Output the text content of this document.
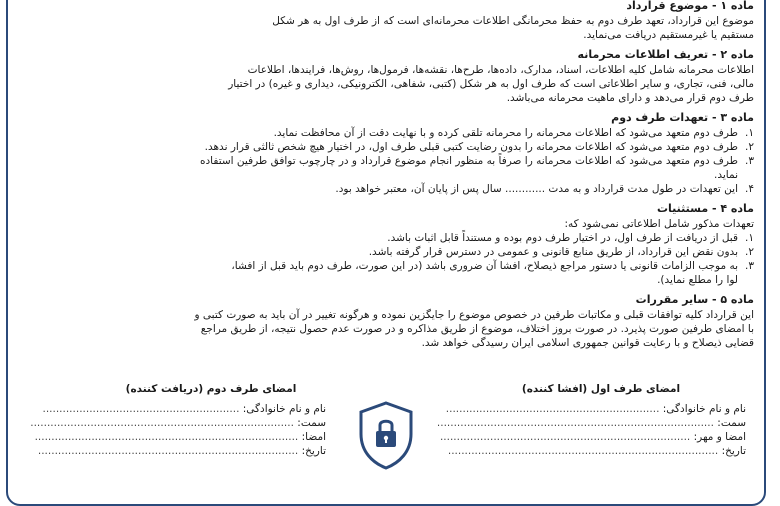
ماده ۱ - موضوع قرارداد
موضوع این قرارداد، تعهد طرف دوم به حفظ محرمانگی اطلاعات محرمانه‌ای است که از طرف اول به هر شکل
مستقیم یا غیرمستقیم دریافت می‌نماید.
ماده ۲ - تعریف اطلاعات محرمانه
اطلاعات محرمانه شامل کلیه اطلاعات، اسناد، مدارک، داده‌ها، طرح‌ها، نقشه‌ها، فرمول‌ها، روش‌ها، فرایندها، اطلاعات
مالی، فنی، تجاری، و سایر اطلاعاتی است که طرف اول به هر شکل (کتبی، شفاهی، الکترونیکی، دیداری و غیره) در اختیار
طرف دوم قرار می‌دهد و دارای ماهیت محرمانه می‌باشد.
ماده ۳ - تعهدات طرف دوم
۱.
طرف دوم متعهد می‌شود که اطلاعات محرمانه را محرمانه تلقی کرده و با نهایت دقت از آن محافظت نماید.
۲.
طرف دوم متعهد می‌شود که اطلاعات محرمانه را بدون رضایت کتبی قبلی طرف اول، در اختیار هیچ شخص ثالثی قرار ندهد.
۳.
طرف دوم متعهد می‌شود که اطلاعات محرمانه را صرفاً به منظور انجام موضوع قرارداد و در چارچوب توافق طرفین استفاده
نماید.
۴.
این تعهدات در طول مدت قرارداد و به مدت ............ سال پس از پایان آن، معتبر خواهد بود.
ماده ۴ - مستثنیات
تعهدات مذکور شامل اطلاعاتی نمی‌شود که:
۱.
قبل از دریافت از طرف اول، در اختیار طرف دوم بوده و مستنداً قابل اثبات باشد.
۲.
بدون نقض این قرارداد، از طریق منابع قانونی و عمومی در دسترس قرار گرفته باشد.
۳.
به موجب الزامات قانونی یا دستور مراجع ذیصلاح، افشا آن ضروری باشد (در این صورت، طرف دوم باید قبل از افشا،
لوا را مطلع نماید).
ماده ۵ - سایر مقررات
این قرارداد کلیه توافقات قبلی و مکاتبات طرفین در خصوص موضوع را جایگزین نموده و هرگونه تغییر در آن باید به صورت کتبی و
با امضای طرفین صورت پذیرد. در صورت بروز اختلاف، موضوع از طریق مذاکره و در صورت عدم حصول نتیجه، از طریق مراجع
قضایی ذیصلاح و با رعایت قوانین جمهوری اسلامی ایران رسیدگی خواهد شد.
امضای طرف اول (افشا کننده)
نام و نام خانوادگی: ................................................................
سمت: ...................................................................................
امضا و مهر: ...........................................................................
تاریخ: .................................................................................
امضای طرف دوم (دریافت کننده)
نام و نام خانوادگی: ...........................................................
سمت: ...............................................................................
امضا: ...............................................................................
تاریخ: ..............................................................................
